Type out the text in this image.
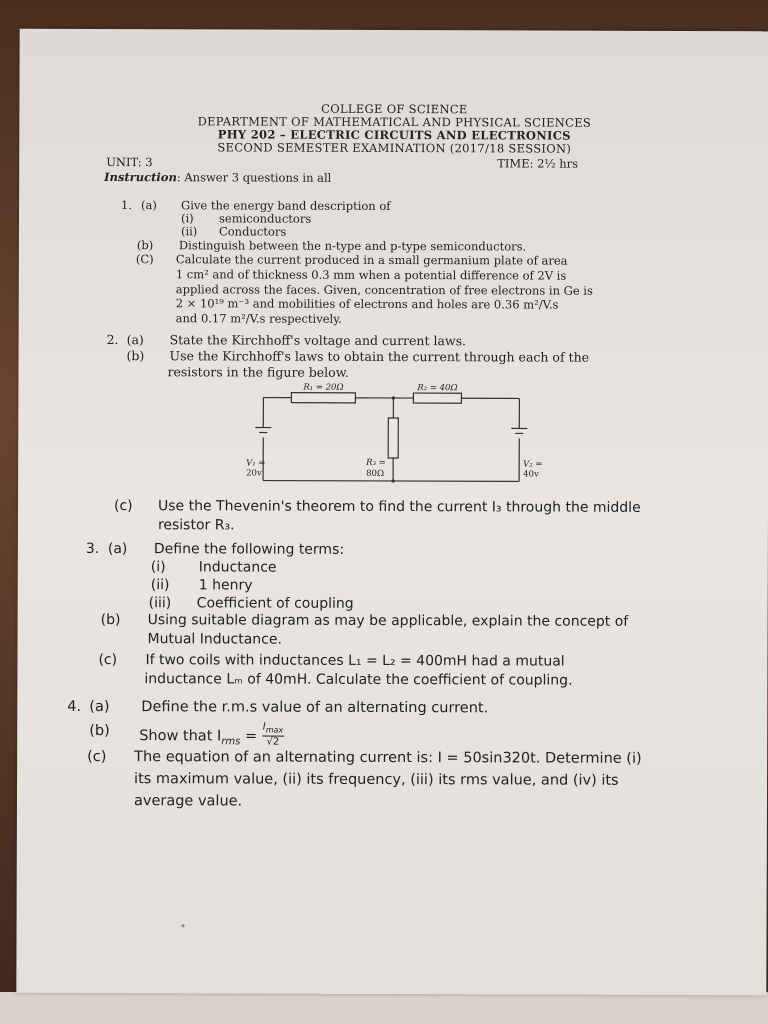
COLLEGE OF SCIENCE
DEPARTMENT OF MATHEMATICAL AND PHYSICAL SCIENCES
PHY 202 – ELECTRIC CIRCUITS AND ELECTRONICS
SECOND SEMESTER EXAMINATION (2017/18 SESSION)
UNIT: 3	TIME: 2½ hrs
Instruction: Answer 3 questions in all
1. (a) Give the energy band description of
(i) semiconductors
(ii) Conductors
(b) Distinguish between the n-type and p-type semiconductors.
(C) Calculate the current produced in a small germanium plate of area
1 cm² and of thickness 0.3 mm when a potential difference of 2V is
applied across the faces. Given, concentration of free electrons in Ge is
2 × 10¹⁹ m⁻³ and mobilities of electrons and holes are 0.36 m²/V.s
and 0.17 m²/V.s respectively.
2. (a) State the Kirchhoff's voltage and current laws.
(b) Use the Kirchhoff's laws to obtain the current through each of the
resistors in the figure below.
R₁ = 20Ω	R₂ = 40Ω
R₃ =
80Ω
V₁ =
20v
V₂ =
40v
(c) Use the Thevenin's theorem to find the current I₃ through the middle
resistor R₃.
3. (a) Define the following terms:
(i) Inductance
(ii) 1 henry
(iii) Coefficient of coupling
(b) Using suitable diagram as may be applicable, explain the concept of
Mutual Inductance.
(c) If two coils with inductances L₁ = L₂ = 400mH had a mutual
inductance Lₘ of 40mH. Calculate the coefficient of coupling.
4. (a) Define the r.m.s value of an alternating current.
(b) Show that $I_{rms}$ =
$I_{max}$
√2
(c) The equation of an alternating current is: I = 50sin320t. Determine (i)
its maximum value, (ii) its frequency, (iii) its rms value, and (iv) its
average value.
